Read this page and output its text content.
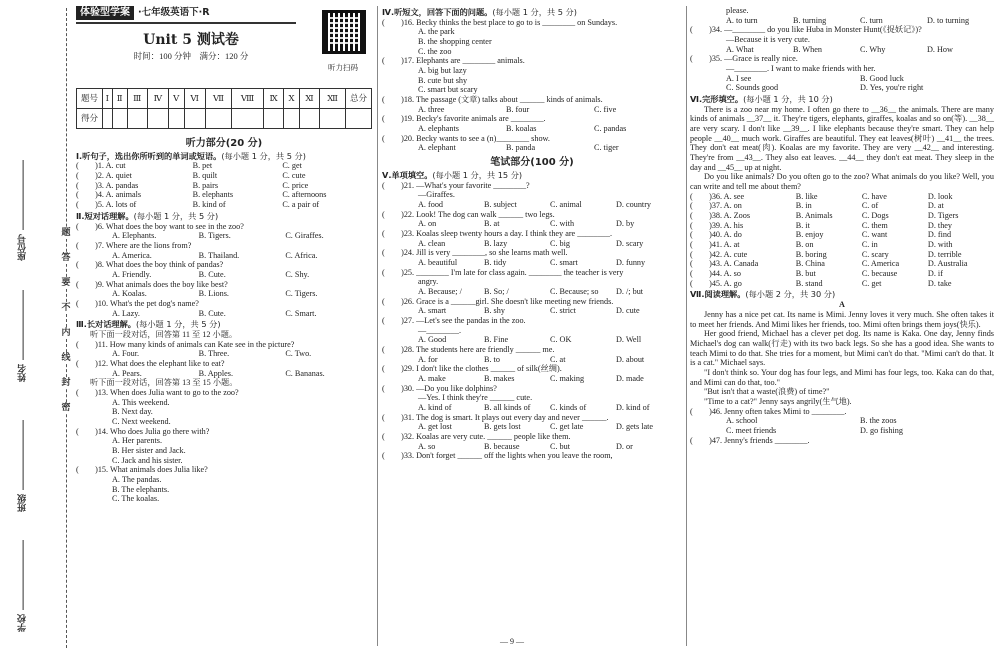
座位号
姓名
班级
学校
题
答
要
不
内
线
封
密
体验型学案 ·七年级英语下·R
听力扫码
Unit 5 测试卷
时间：100 分钟　满分：120 分
题号	Ⅰ	Ⅱ	Ⅲ	Ⅳ	Ⅴ	Ⅵ	Ⅶ	Ⅷ	Ⅸ	Ⅹ	Ⅺ	Ⅻ	总分
得分													
听力部分(20 分)
Ⅰ.听句子，选出你所听到的单词或短语。(每小题 1 分，共 5 分)
(　　)1. A. cut	B. pet	C. get
(　　)2. A. quiet	B. quilt	C. cute
(　　)3. A. pandas	B. pairs	C. price
(　　)4. A. animals	B. elephants	C. afternoons
(　　)5. A. lots of	B. kind of	C. a pair of
Ⅱ.短对话理解。(每小题 1 分，共 5 分)
(　　)6. What does the boy want to see in the zoo?
A. Elephants.	B. Tigers.	C. Giraffes.
(　　)7. Where are the lions from?
A. America.	B. Thailand.	C. Africa.
(　　)8. What does the boy think of pandas?
A. Friendly.	B. Cute.	C. Shy.
(　　)9. What animals does the boy like best?
A. Koalas.	B. Lions.	C. Tigers.
(　　)10. What's the pet dog's name?
A. Lazy.	B. Cute.	C. Smart.
Ⅲ.长对话理解。(每小题 1 分，共 5 分)
听下面一段对话，回答第 11 至 12 小题。
(　　)11. How many kinds of animals can Kate see in the picture?
A. Four.	B. Three.	C. Two.
(　　)12. What does the elephant like to eat?
A. Pears.	B. Apples.	C. Bananas.
听下面一段对话，回答第 13 至 15 小题。
(　　)13. When does Julia want to go to the zoo?
A. This weekend.
B. Next day.
C. Next weekend.
(　　)14. Who does Julia go there with?
A. Her parents.
B. Her sister and Jack.
C. Jack and his sister.
(　　)15. What animals does Julia like?
A. The pandas.
B. The elephants.
C. The koalas.
Ⅳ.听短文，回答下面的问题。(每小题 1 分，共 5 分)
(　　)16. Becky thinks the best place to go to is ________ on Sundays.
A. the park
B. the shopping center
C. the zoo
(　　)17. Elephants are ________ animals.
A. big but lazy
B. cute but shy
C. smart but scary
(　　)18. The passage (文章) talks about ______ kinds of animals.
A. three	B. four	C. five
(　　)19. Becky's favorite animals are ________.
A. elephants	B. koalas	C. pandas
(　　)20. Becky wants to see a (n)________ show.
A. elephant	B. panda	C. tiger
笔试部分(100 分)
Ⅴ.单项填空。(每小题 1 分，共 15 分)
(　　)21. —What's your favorite ________?
—Giraffes.
A. food	B. subject	C. animal	D. country
(　　)22. Look! The dog can walk ______ two legs.
A. on	B. at	C. with	D. by
(　　)23. Koalas sleep twenty hours a day. I think they are ________.
A. clean	B. lazy	C. big	D. scary
(　　)24. Jill is very ________, so she learns math well.
A. beautiful	B. tidy	C. smart	D. funny
(　　)25. ________ I'm late for class again. ________ the teacher is very
angry.
A. Because; /	B. So; /	C. Because; so	D. /; but
(　　)26. Grace is a ______girl. She doesn't like meeting new friends.
A. smart	B. shy	C. strict	D. cute
(　　)27. —Let's see the pandas in the zoo.
—________.
A. Good	B. Fine	C. OK	D. Well
(　　)28. The students here are friendly ______ me.
A. for	B. to	C. at	D. about
(　　)29. I don't like the clothes ______ of silk(丝绸).
A. make	B. makes	C. making	D. made
(　　)30. —Do you like dolphins?
—Yes. I think they're ______ cute.
A. kind of	B. all kinds of	C. kinds of	D. kind of
(　　)31. The dog is smart. It plays out every day and never ______.
A. get lost	B. gets lost	C. get late	D. gets late
(　　)32. Koalas are very cute. ______ people like them.
A. so	B. because	C. but	D. or
(　　)33. Don't forget ______ off the lights when you leave the room,
please.
A. to turn	B. turning	C. turn	D. to turning
(　　)34. —________ do you like Huba in Monster Hunt(《捉妖记》)?
—Because it is very cute.
A. What	B. When	C. Why	D. How
(　　)35. —Grace is really nice.
—________. I want to make friends with her.
A. I see	B. Good luck
C. Sounds good	D. Yes, you're right
Ⅵ.完形填空。(每小题 1 分，共 10 分)
There is a zoo near my home. I often go there to __36__ the animals. There are many kinds of animals __37__ it. They're tigers, elephants, giraffes, koalas and so on(等). __38__ are very scary. I don't like __39__. I like elephants because they're smart. They can help people __40__ much work. Giraffes are beautiful. They eat leaves(树叶) __41__ the trees. They don't eat meat(肉). Koalas are my favorite. They are very __42__ and interesting. They're from __43__. They also eat leaves. __44__ they don't eat meat. They sleep in the day and __45__ up at night.
Do you like animals? Do you often go to the zoo? What animals do you like? Well, you can write and tell me about them?
(　　)36. A. see	B. like	C. have	D. look
(　　)37. A. on	B. in	C. of	D. at
(　　)38. A. Zoos	B. Animals	C. Dogs	D. Tigers
(　　)39. A. his	B. it	C. them	D. they
(　　)40. A. do	B. enjoy	C. want	D. find
(　　)41. A. at	B. on	C. in	D. with
(　　)42. A. cute	B. boring	C. scary	D. terrible
(　　)43. A. Canada	B. China	C. America	D. Australia
(　　)44. A. so	B. but	C. because	D. if
(　　)45. A. go	B. stand	C. get	D. take
Ⅶ.阅读理解。(每小题 2 分，共 30 分)
A
Jenny has a nice pet cat. Its name is Mimi. Jenny loves it very much. She often takes it to meet her friends. And Mimi likes her friends, too. Mimi often brings them joys(快乐).
Her good friend, Michael has a clever pet dog. Its name is Kaka. One day, Jenny finds Michael's dog can walk(行走) with its two back legs. So she has a good idea. She wants to teach Mimi to do that. She tries for a moment, but Mimi can't do that. "Mimi can't do that. It is a cat." Michael says.
"I don't think so. Your dog has four legs, and Mimi has four legs, too. Kaka can do that, and Mimi can do that, too."
"But isn't that a waste(浪费) of time?"
"Time to a cat?" Jenny says angrily(生气地).
(　　)46. Jenny often takes Mimi to ________.
A. school	B. the zoos
C. meet friends	D. go fishing
(　　)47. Jenny's friends ________.
— 9 —
